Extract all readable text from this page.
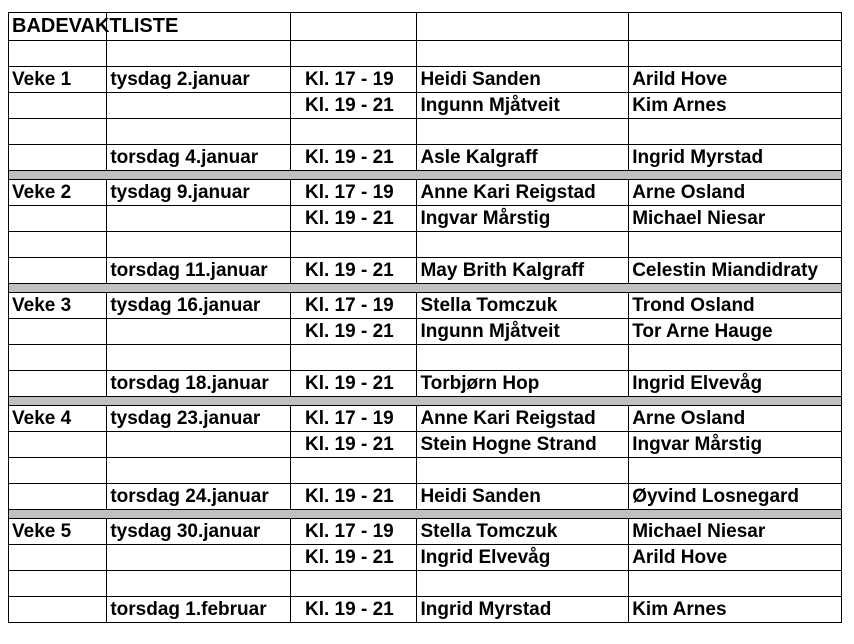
BADEVAKTLISTE				

Veke 1	tysdag 2.januar	Kl. 17 - 19	Heidi Sanden	Arild Hove
		Kl. 19 - 21	Ingunn Mjåtveit	Kim Arnes

	torsdag 4.januar	Kl. 19 - 21	Asle Kalgraff	Ingrid Myrstad

Veke 2	tysdag 9.januar	Kl. 17 - 19	Anne Kari Reigstad	Arne Osland
		Kl. 19 - 21	Ingvar Mårstig	Michael Niesar

	torsdag 11.januar	Kl. 19 - 21	May Brith Kalgraff	Celestin Miandidraty

Veke 3	tysdag 16.januar	Kl. 17 - 19	Stella Tomczuk	Trond Osland
		Kl. 19 - 21	Ingunn Mjåtveit	Tor Arne Hauge

	torsdag 18.januar	Kl. 19 - 21	Torbjørn Hop	Ingrid Elvevåg

Veke 4	tysdag 23.januar	Kl. 17 - 19	Anne Kari Reigstad	Arne Osland
		Kl. 19 - 21	Stein Hogne Strand	Ingvar Mårstig

	torsdag 24.januar	Kl. 19 - 21	Heidi Sanden	Øyvind Losnegard

Veke 5	tysdag 30.januar	Kl. 17 - 19	Stella Tomczuk	Michael Niesar
		Kl. 19 - 21	Ingrid Elvevåg	Arild Hove

	torsdag 1.februar	Kl. 19 - 21	Ingrid Myrstad	Kim Arnes
